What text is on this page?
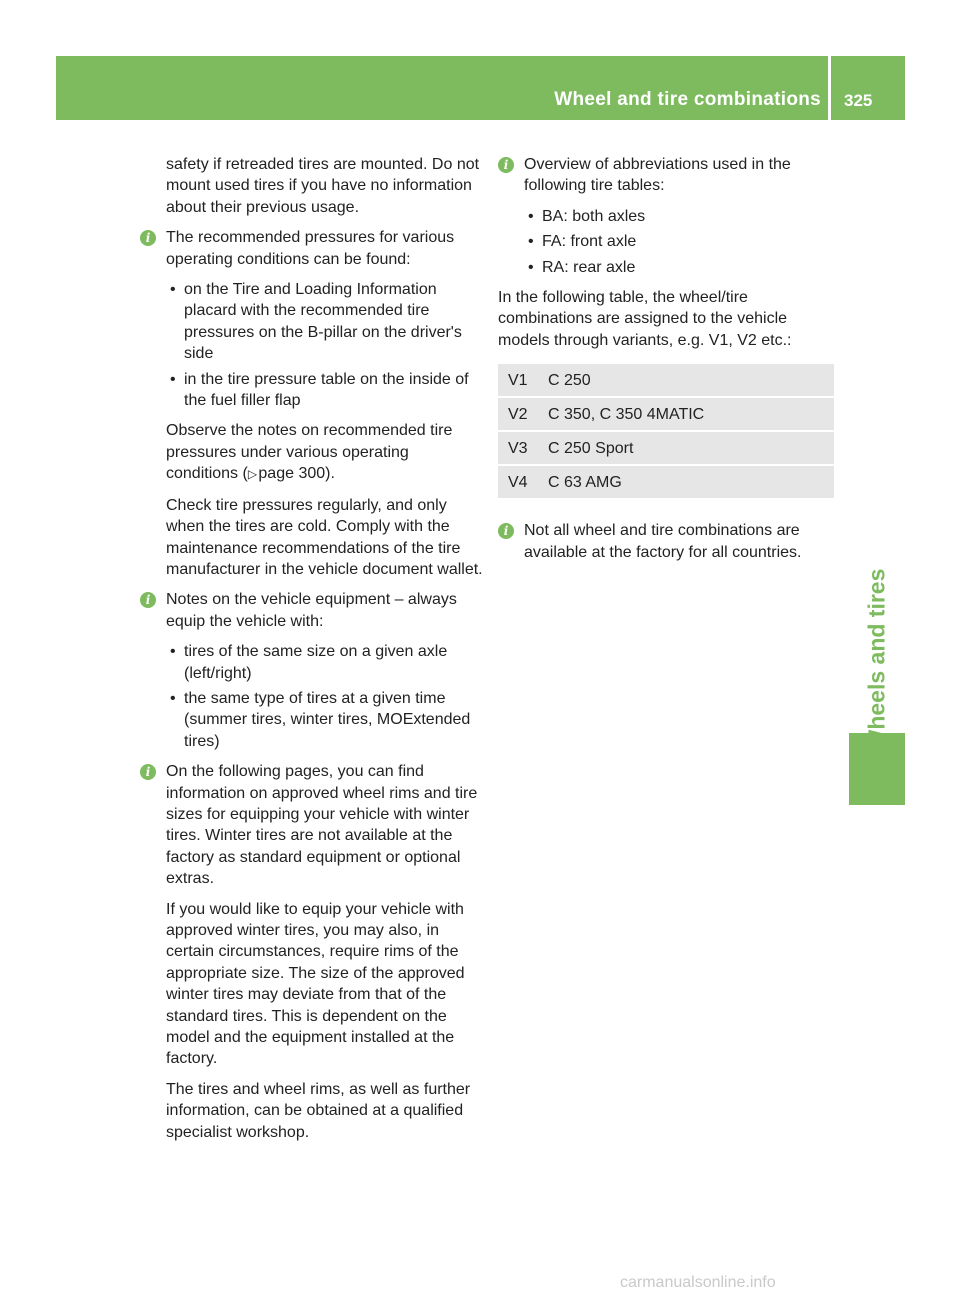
Wheel and tire combinations 325
Wheels and tires

safety if retreaded tires are mounted. Do not mount used tires if you have no information about their previous usage.

i The recommended pressures for various operating conditions can be found:
• on the Tire and Loading Information placard with the recommended tire pressures on the B-pillar on the driver's side
• in the tire pressure table on the inside of the fuel filler flap

Observe the notes on recommended tire pressures under various operating conditions (▷ page 300).

Check tire pressures regularly, and only when the tires are cold. Comply with the maintenance recommendations of the tire manufacturer in the vehicle document wallet.

i Notes on the vehicle equipment – always equip the vehicle with:
• tires of the same size on a given axle (left/right)
• the same type of tires at a given time (summer tires, winter tires, MOExtended tires)
i On the following pages, you can find information on approved wheel rims and tire sizes for equipping your vehicle with winter tires. Winter tires are not available at the factory as standard equipment or optional extras.

If you would like to equip your vehicle with approved winter tires, you may also, in certain circumstances, require rims of the appropriate size. The size of the approved winter tires may deviate from that of the standard tires. This is dependent on the model and the equipment installed at the factory.

The tires and wheel rims, as well as further information, can be obtained at a qualified specialist workshop.

i Overview of abbreviations used in the following tire tables:
• BA: both axles
• FA: front axle
• RA: rear axle

In the following table, the wheel/tire combinations are assigned to the vehicle models through variants, e.g. V1, V2 etc.:

V1	C 250
V2	C 350, C 350 4MATIC
V3	C 250 Sport
V4	C 63 AMG
i Not all wheel and tire combinations are available at the factory for all countries.
carmanualsonline.info
